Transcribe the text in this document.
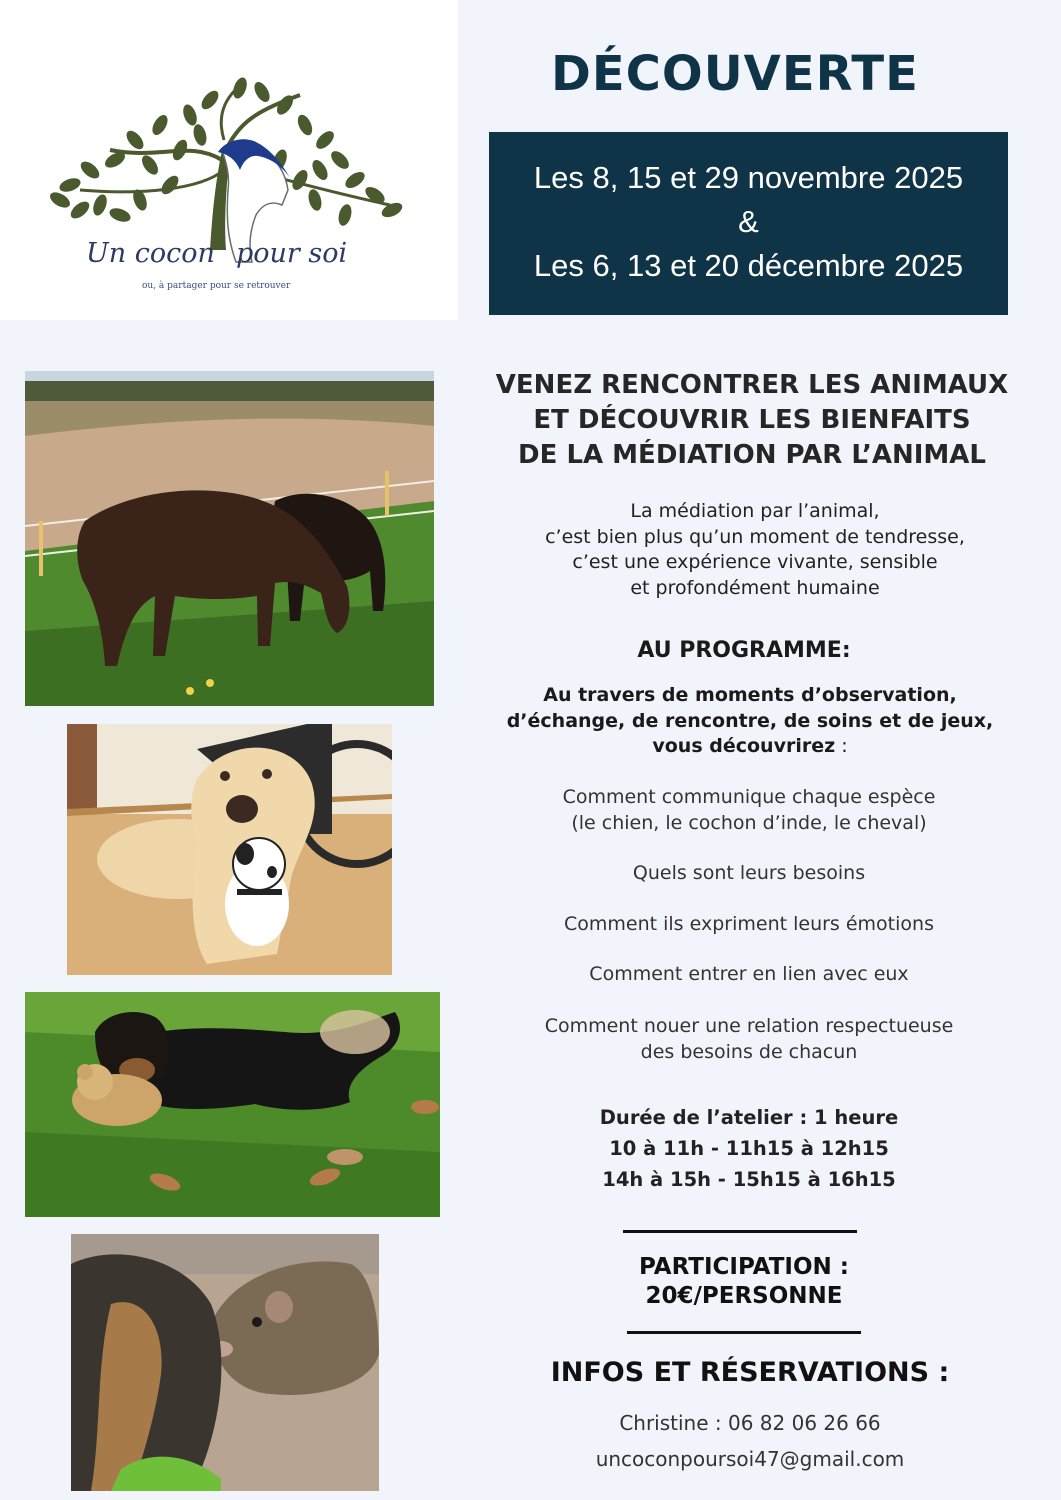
Un cocon pour soi
ou, à partager pour se retrouver
DÉCOUVERTE
Les 8, 15 et 29 novembre 2025
&
Les 6, 13 et 20 décembre 2025
VENEZ RENCONTRER LES ANIMAUX
ET DÉCOUVRIR LES BIENFAITS
DE LA MÉDIATION PAR L’ANIMAL
La médiation par l’animal,
c’est bien plus qu’un moment de tendresse,
c’est une expérience vivante, sensible
et profondément humaine
AU PROGRAMME:
Au travers de moments d’observation,
d’échange, de rencontre, de soins et de jeux,
vous découvrirez :
Comment communique chaque espèce
(le chien, le cochon d’inde, le cheval)
Quels sont leurs besoins
Comment ils expriment leurs émotions
Comment entrer en lien avec eux
Comment nouer une relation respectueuse
des besoins de chacun
Durée de l’atelier : 1 heure
10 à 11h - 11h15 à 12h15
14h à 15h - 15h15 à 16h15
PARTICIPATION :
20€/PERSONNE
INFOS ET RÉSERVATIONS :
Christine : 06 82 06 26 66
uncoconpoursoi47@gmail.com
